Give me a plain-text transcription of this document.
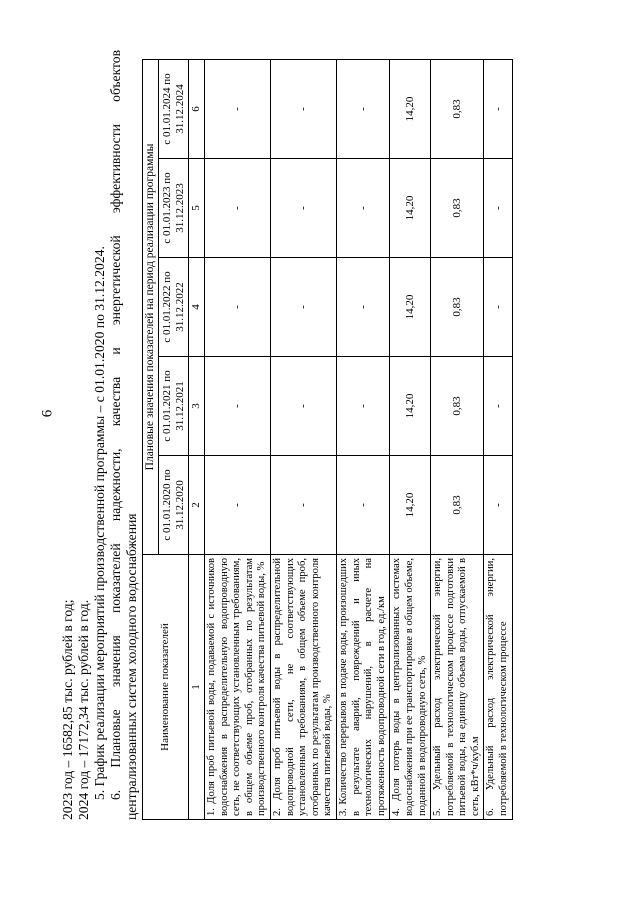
6

2023 год – 16582,85 тыс. рублей в год; 2024 год – 17172,34 тыс. рублей в год. 5. График реализации мероприятий производственной программы – с 01.01.2020 по 31.12.2024. 6. Плановые значения показателей надежности, качества и энергетической эффективности объектов централизованных систем холодного водоснабжения Наименование показателей	Плановые значения показателей на период реализации программы				
	с 01.01.2020 по 31.12.2020	с 01.01.2021 по 31.12.2021	с 01.01.2022 по 31.12.2022	с 01.01.2023 по 31.12.2023	с 01.01.2024 по 31.12.2024
1	2	3	4	5	6
1. Доля проб питьевой воды, подаваемой с источников водоснабжения в распределительную водопроводную сеть, не соответствующих установленным требованиям, в общем объеме проб, отобранных по результатам производственного контроля качества питьевой воды, %	-	-	-	-	-
2. Доля проб питьевой воды в распределительной водопроводной сети, не соответствующих установленным требованиям, в общем объеме проб, отобранных по результатам производственного контроля качества питьевой воды, %	-	-	-	-	-
3. Количество перерывов в подаче воды, произошедших в результате аварий, повреждений и иных технологических нарушений, в расчете на протяженность водопроводной сети в год, ед./км	-	-	-	-	-
4. Доля потерь воды в централизованных системах водоснабжения при ее транспортировке в общем объеме, поданной в водопроводную сеть, %	14,20	14,20	14,20	14,20	14,20
5. Удельный расход электрической энергии, потребляемой в технологическом процессе подготовки питьевой воды, на единицу объема воды, отпускаемой в сеть, кВт*ч/куб.м	0,83	0,83	0,83	0,83	0,83
6. Удельный расход электрической энергии, потребляемой в технологическом процессе	-	-	-	-	-
